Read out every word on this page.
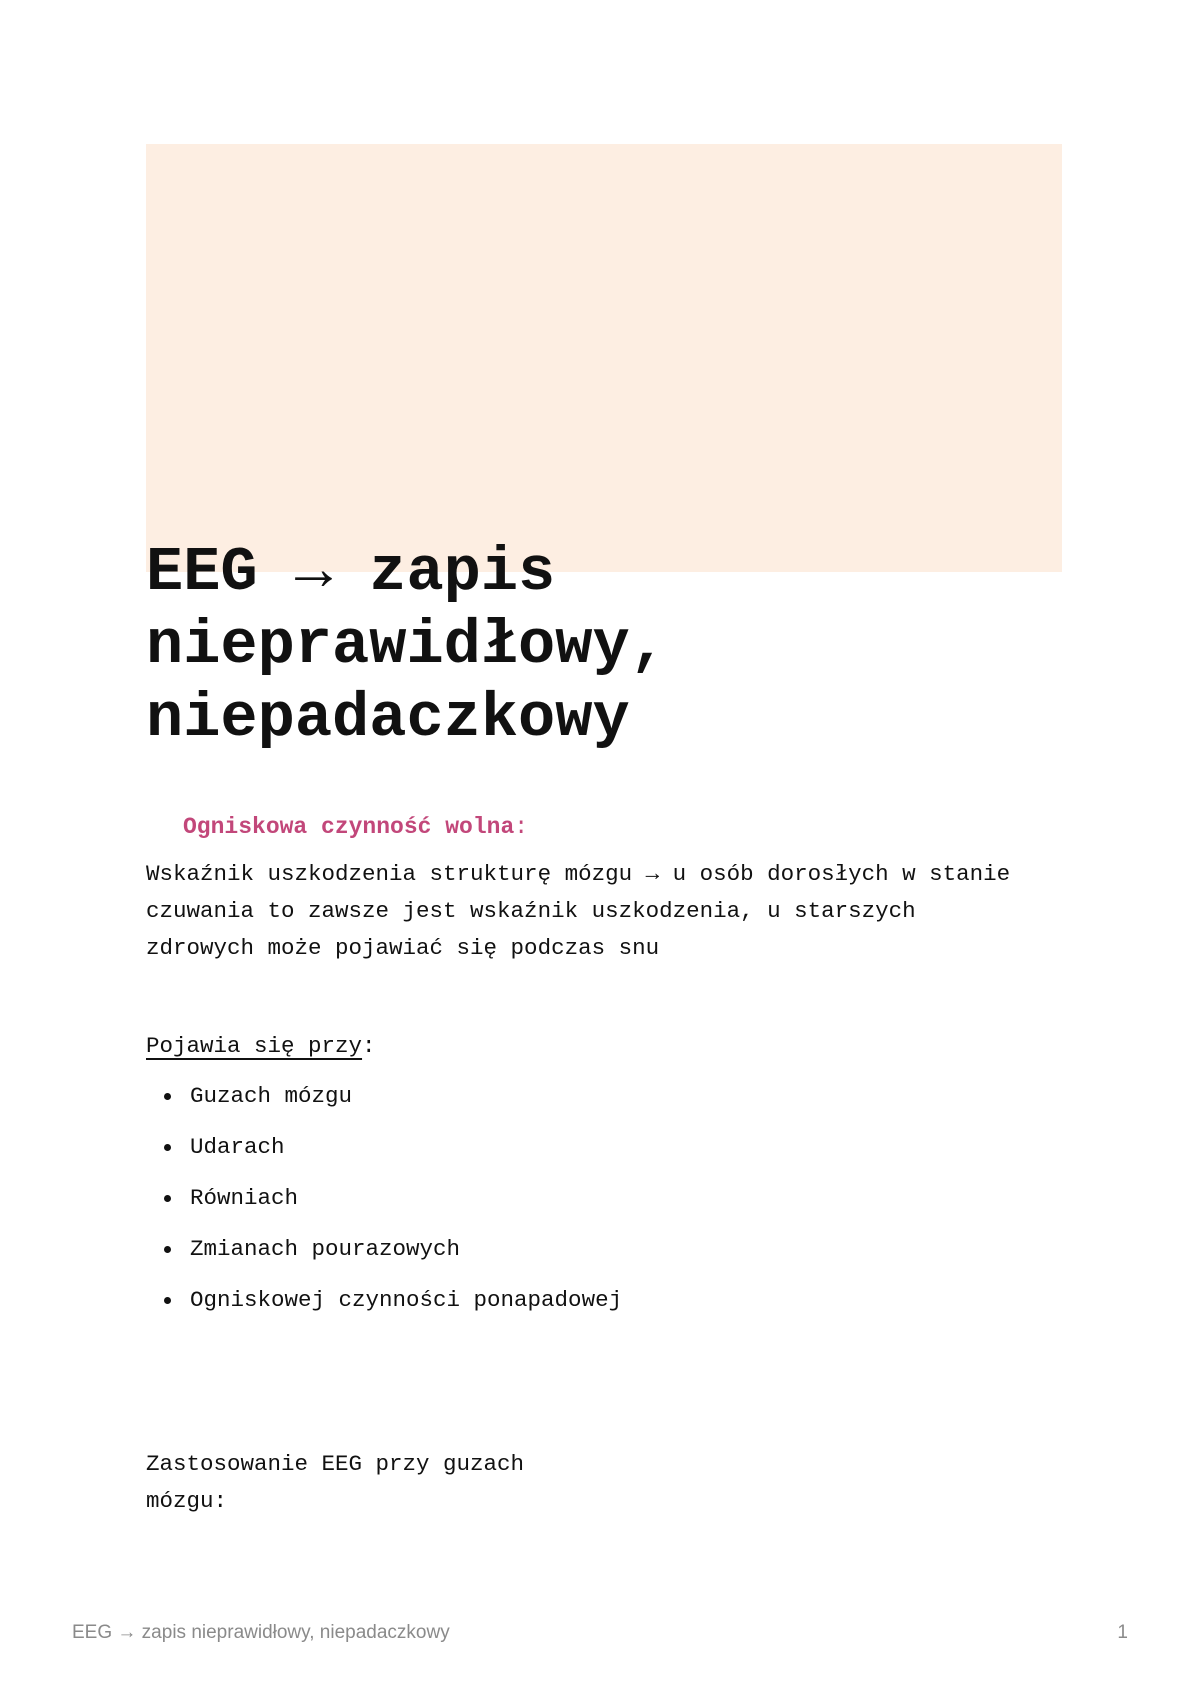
EEG → zapis nieprawidłowy, niepadaczkowy
Ogniskowa czynność wolna:

Wskaźnik uszkodzenia strukturę mózgu → u osób dorosłych w stanie czuwania to zawsze jest wskaźnik uszkodzenia, u starszych zdrowych może pojawiać się podczas snu

Pojawia się przy:

Guzach mózgu
Udarach
Równiach
Zmianach pourazowych
Ogniskowej czynności ponapadowej

Zastosowanie EEG przy guzach mózgu:

EEG → zapis nieprawidłowy, niepadaczkowy	1
